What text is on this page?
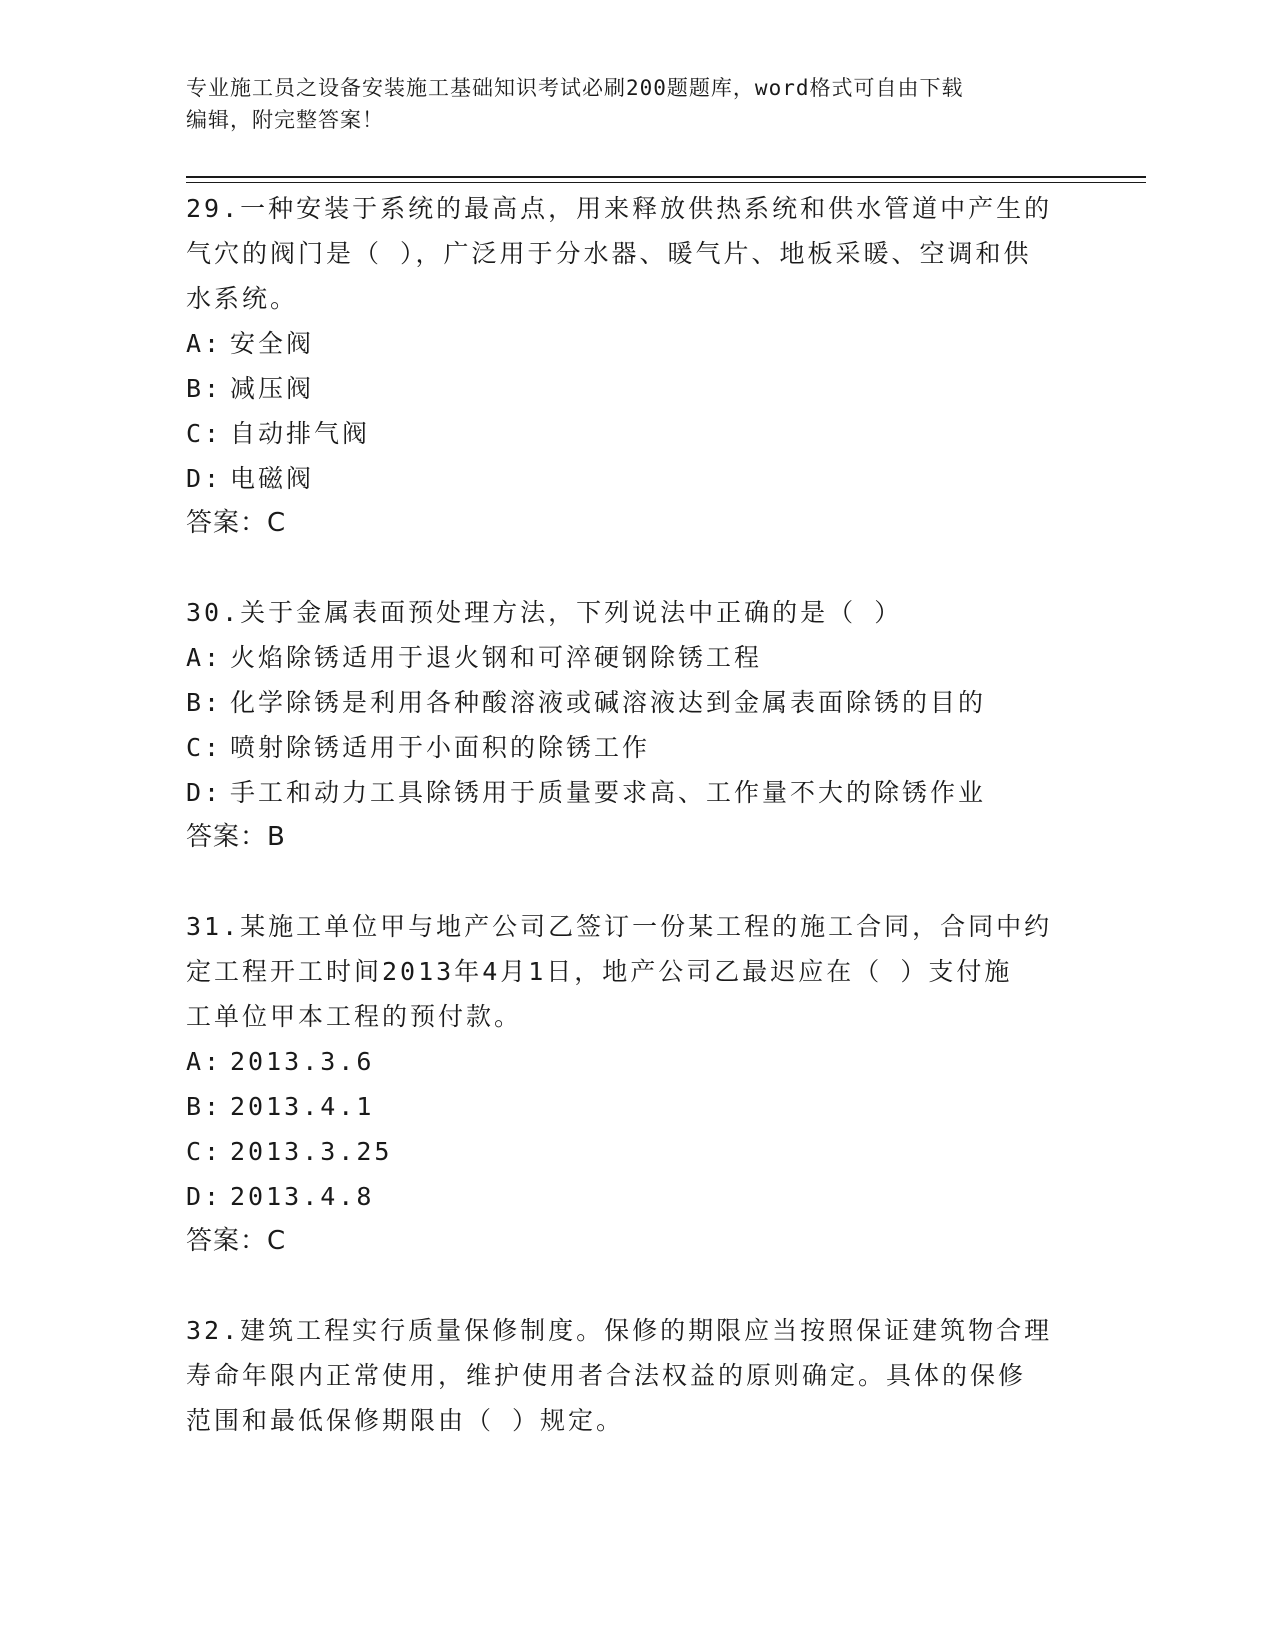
专业施工员之设备安装施工基础知识考试必刷200题题库，word格式可自由下载
编辑，附完整答案！

29.一种安装于系统的最高点，用来释放供热系统和供水管道中产生的

气穴的阀门是（ ），广泛用于分水器、暖气片、地板采暖、空调和供

水系统。

A: 安全阀

B: 减压阀

C: 自动排气阀

D: 电磁阀

答案：C

30.关于金属表面预处理方法，下列说法中正确的是（ ）

A: 火焰除锈适用于退火钢和可淬硬钢除锈工程

B: 化学除锈是利用各种酸溶液或碱溶液达到金属表面除锈的目的

C: 喷射除锈适用于小面积的除锈工作

D: 手工和动力工具除锈用于质量要求高、工作量不大的除锈作业

答案：B

31.某施工单位甲与地产公司乙签订一份某工程的施工合同，合同中约

定工程开工时间2013年4月1日，地产公司乙最迟应在（ ）支付施

工单位甲本工程的预付款。

A: 2013.3.6

B: 2013.4.1

C: 2013.3.25

D: 2013.4.8

答案：C

32.建筑工程实行质量保修制度。保修的期限应当按照保证建筑物合理

寿命年限内正常使用，维护使用者合法权益的原则确定。具体的保修

范围和最低保修期限由（ ）规定。
